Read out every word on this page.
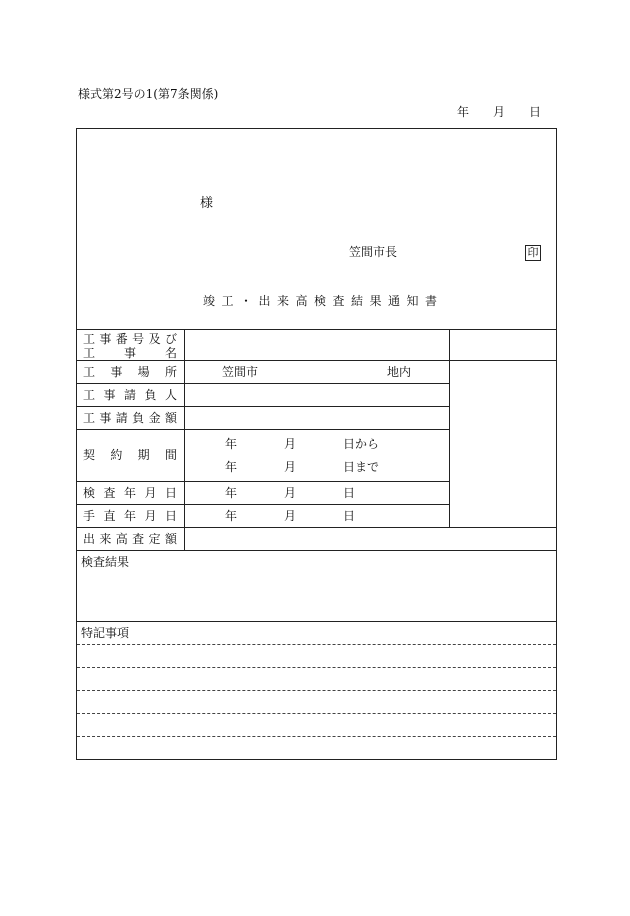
様式第2号の1(第7条関係)
年 月 日
様
笠間市長	印
竣工・出来高検査結果通知書
工 事 番 号 及 び
工 事 名
工 事 場 所	笠間市	地内
工 事 請 負 人
工 事 請 負 金 額
契 約 期 間
年	月	日から
年	月	日まで
検 査 年 月 日	年	月	日
手 直 年 月 日	年	月	日
出 来 高 査 定 額
検査結果
特記事項
